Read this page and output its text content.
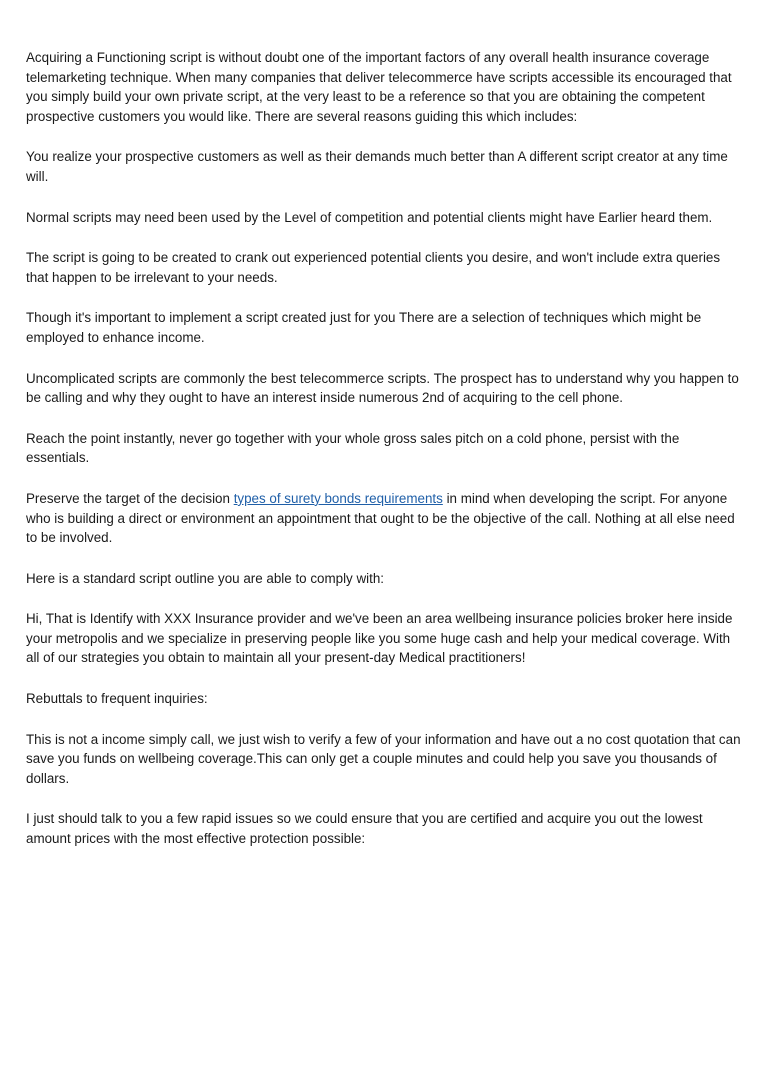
Acquiring a Functioning script is without doubt one of the important factors of any overall health insurance coverage telemarketing technique. When many companies that deliver telecommerce have scripts accessible its encouraged that you simply build your own private script, at the very least to be a reference so that you are obtaining the competent prospective customers you would like. There are several reasons guiding this which includes:

You realize your prospective customers as well as their demands much better than A different script creator at any time will.

Normal scripts may need been used by the Level of competition and potential clients might have Earlier heard them.

The script is going to be created to crank out experienced potential clients you desire, and won't include extra queries that happen to be irrelevant to your needs.

Though it's important to implement a script created just for you There are a selection of techniques which might be employed to enhance income.

Uncomplicated scripts are commonly the best telecommerce scripts. The prospect has to understand why you happen to be calling and why they ought to have an interest inside numerous 2nd of acquiring to the cell phone.

Reach the point instantly, never go together with your whole gross sales pitch on a cold phone, persist with the essentials.

Preserve the target of the decision types of surety bonds requirements in mind when developing the script. For anyone who is building a direct or environment an appointment that ought to be the objective of the call. Nothing at all else need to be involved.

Here is a standard script outline you are able to comply with:

Hi, That is Identify with XXX Insurance provider and we've been an area wellbeing insurance policies broker here inside your metropolis and we specialize in preserving people like you some huge cash and help your medical coverage. With all of our strategies you obtain to maintain all your present-day Medical practitioners!

Rebuttals to frequent inquiries:

This is not a income simply call, we just wish to verify a few of your information and have out a no cost quotation that can save you funds on wellbeing coverage.This can only get a couple minutes and could help you save you thousands of dollars.

I just should talk to you a few rapid issues so we could ensure that you are certified and acquire you out the lowest amount prices with the most effective protection possible:
